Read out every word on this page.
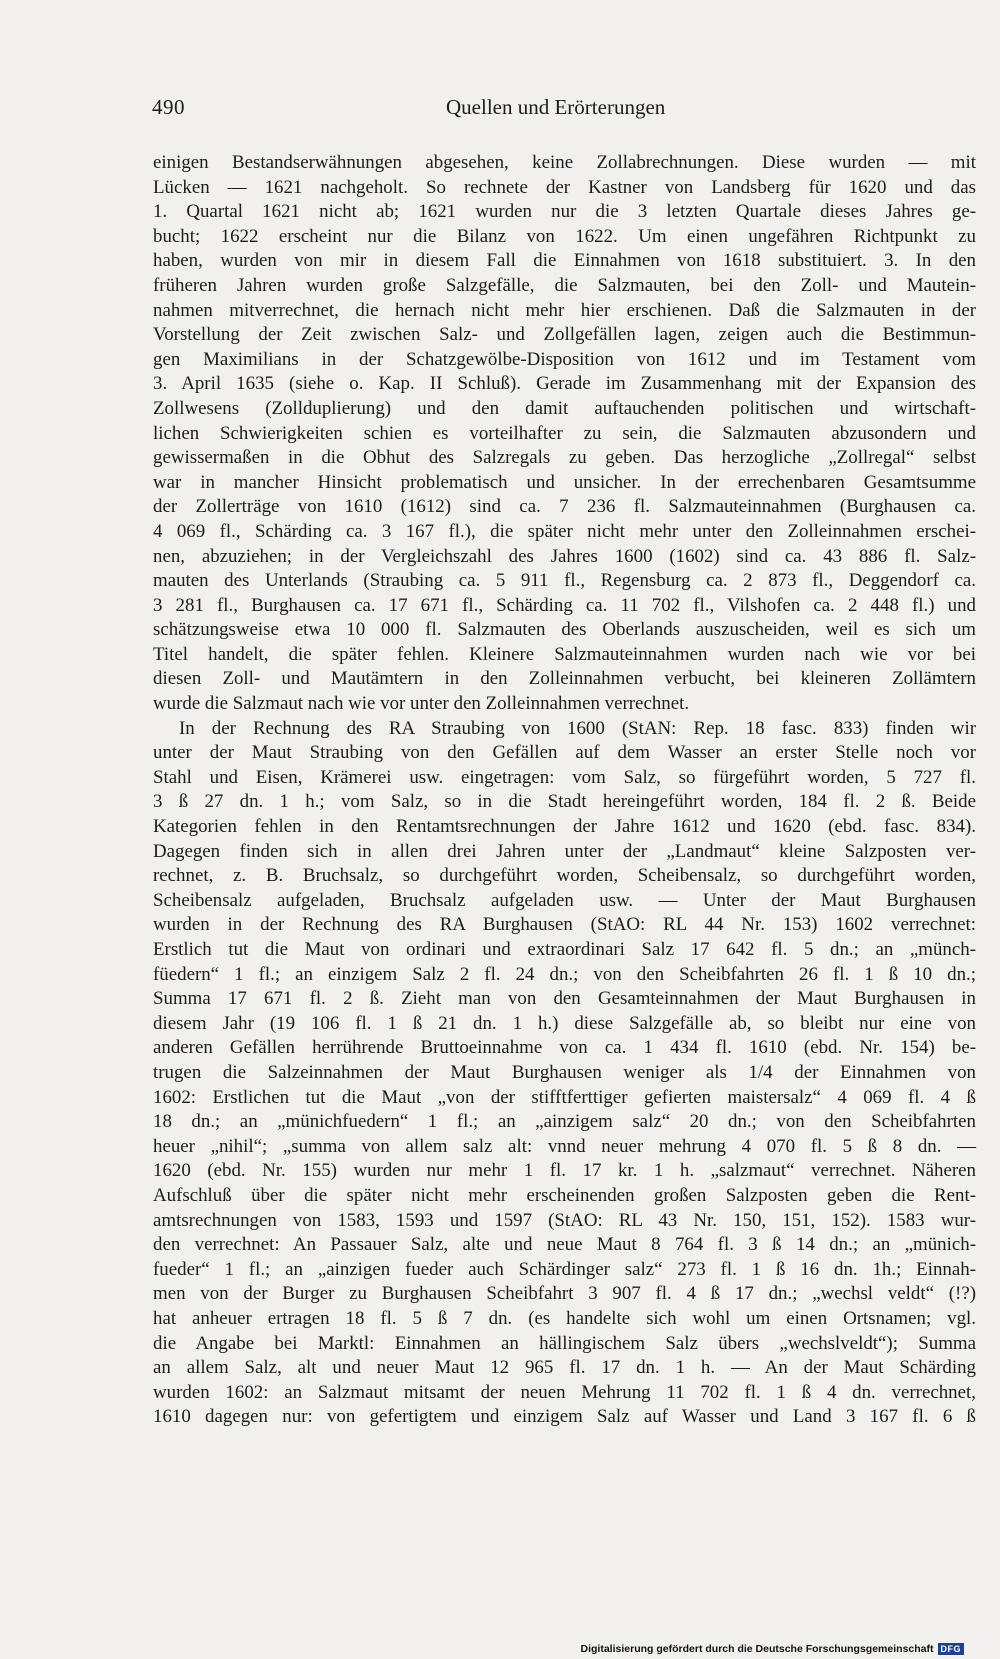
490	Quellen und Erörterungen
einigen Bestandserwähnungen abgesehen, keine Zollabrechnungen. Diese wurden — mit
Lücken — 1621 nachgeholt. So rechnete der Kastner von Landsberg für 1620 und das
1. Quartal 1621 nicht ab; 1621 wurden nur die 3 letzten Quartale dieses Jahres ge-
bucht; 1622 erscheint nur die Bilanz von 1622. Um einen ungefähren Richtpunkt zu
haben, wurden von mir in diesem Fall die Einnahmen von 1618 substituiert. 3. In den
früheren Jahren wurden große Salzgefälle, die Salzmauten, bei den Zoll- und Mautein-
nahmen mitverrechnet, die hernach nicht mehr hier erschienen. Daß die Salzmauten in der
Vorstellung der Zeit zwischen Salz- und Zollgefällen lagen, zeigen auch die Bestimmun-
gen Maximilians in der Schatzgewölbe-Disposition von 1612 und im Testament vom
3. April 1635 (siehe o. Kap. II Schluß). Gerade im Zusammenhang mit der Expansion des
Zollwesens (Zollduplierung) und den damit auftauchenden politischen und wirtschaft-
lichen Schwierigkeiten schien es vorteilhafter zu sein, die Salzmauten abzusondern und
gewissermaßen in die Obhut des Salzregals zu geben. Das herzogliche „Zollregal“ selbst
war in mancher Hinsicht problematisch und unsicher. In der errechenbaren Gesamtsumme
der Zollerträge von 1610 (1612) sind ca. 7 236 fl. Salzmauteinnahmen (Burghausen ca.
4 069 fl., Schärding ca. 3 167 fl.), die später nicht mehr unter den Zolleinnahmen erschei-
nen, abzuziehen; in der Vergleichszahl des Jahres 1600 (1602) sind ca. 43 886 fl. Salz-
mauten des Unterlands (Straubing ca. 5 911 fl., Regensburg ca. 2 873 fl., Deggendorf ca.
3 281 fl., Burghausen ca. 17 671 fl., Schärding ca. 11 702 fl., Vilshofen ca. 2 448 fl.) und
schätzungsweise etwa 10 000 fl. Salzmauten des Oberlands auszuscheiden, weil es sich um
Titel handelt, die später fehlen. Kleinere Salzmauteinnahmen wurden nach wie vor bei
diesen Zoll- und Mautämtern in den Zolleinnahmen verbucht, bei kleineren Zollämtern
wurde die Salzmaut nach wie vor unter den Zolleinnahmen verrechnet.
In der Rechnung des RA Straubing von 1600 (StAN: Rep. 18 fasc. 833) finden wir
unter der Maut Straubing von den Gefällen auf dem Wasser an erster Stelle noch vor
Stahl und Eisen, Krämerei usw. eingetragen: vom Salz, so fürgeführt worden, 5 727 fl.
3 ß 27 dn. 1 h.; vom Salz, so in die Stadt hereingeführt worden, 184 fl. 2 ß. Beide
Kategorien fehlen in den Rentamtsrechnungen der Jahre 1612 und 1620 (ebd. fasc. 834).
Dagegen finden sich in allen drei Jahren unter der „Landmaut“ kleine Salzposten ver-
rechnet, z. B. Bruchsalz, so durchgeführt worden, Scheibensalz, so durchgeführt worden,
Scheibensalz aufgeladen, Bruchsalz aufgeladen usw. — Unter der Maut Burghausen
wurden in der Rechnung des RA Burghausen (StAO: RL 44 Nr. 153) 1602 verrechnet:
Erstlich tut die Maut von ordinari und extraordinari Salz 17 642 fl. 5 dn.; an „münch-
füedern“ 1 fl.; an einzigem Salz 2 fl. 24 dn.; von den Scheibfahrten 26 fl. 1 ß 10 dn.;
Summa 17 671 fl. 2 ß. Zieht man von den Gesamteinnahmen der Maut Burghausen in
diesem Jahr (19 106 fl. 1 ß 21 dn. 1 h.) diese Salzgefälle ab, so bleibt nur eine von
anderen Gefällen herrührende Bruttoeinnahme von ca. 1 434 fl. 1610 (ebd. Nr. 154) be-
trugen die Salzeinnahmen der Maut Burghausen weniger als 1/4 der Einnahmen von
1602: Erstlichen tut die Maut „von der stifftferttiger gefierten maistersalz“ 4 069 fl. 4 ß
18 dn.; an „münichfuedern“ 1 fl.; an „ainzigem salz“ 20 dn.; von den Scheibfahrten
heuer „nihil“; „summa von allem salz alt: vnnd neuer mehrung 4 070 fl. 5 ß 8 dn. —
1620 (ebd. Nr. 155) wurden nur mehr 1 fl. 17 kr. 1 h. „salzmaut“ verrechnet. Näheren
Aufschluß über die später nicht mehr erscheinenden großen Salzposten geben die Rent-
amtsrechnungen von 1583, 1593 und 1597 (StAO: RL 43 Nr. 150, 151, 152). 1583 wur-
den verrechnet: An Passauer Salz, alte und neue Maut 8 764 fl. 3 ß 14 dn.; an „münich-
fueder“ 1 fl.; an „ainzigen fueder auch Schärdinger salz“ 273 fl. 1 ß 16 dn. 1h.; Einnah-
men von der Burger zu Burghausen Scheibfahrt 3 907 fl. 4 ß 17 dn.; „wechsl veldt“ (!?)
hat anheuer ertragen 18 fl. 5 ß 7 dn. (es handelte sich wohl um einen Ortsnamen; vgl.
die Angabe bei Marktl: Einnahmen an hällingischem Salz übers „wechslveldt“); Summa
an allem Salz, alt und neuer Maut 12 965 fl. 17 dn. 1 h. — An der Maut Schärding
wurden 1602: an Salzmaut mitsamt der neuen Mehrung 11 702 fl. 1 ß 4 dn. verrechnet,
1610 dagegen nur: von gefertigtem und einzigem Salz auf Wasser und Land 3 167 fl. 6 ß
Digitalisierung gefördert durch die Deutsche Forschungsgemeinschaft DFG
